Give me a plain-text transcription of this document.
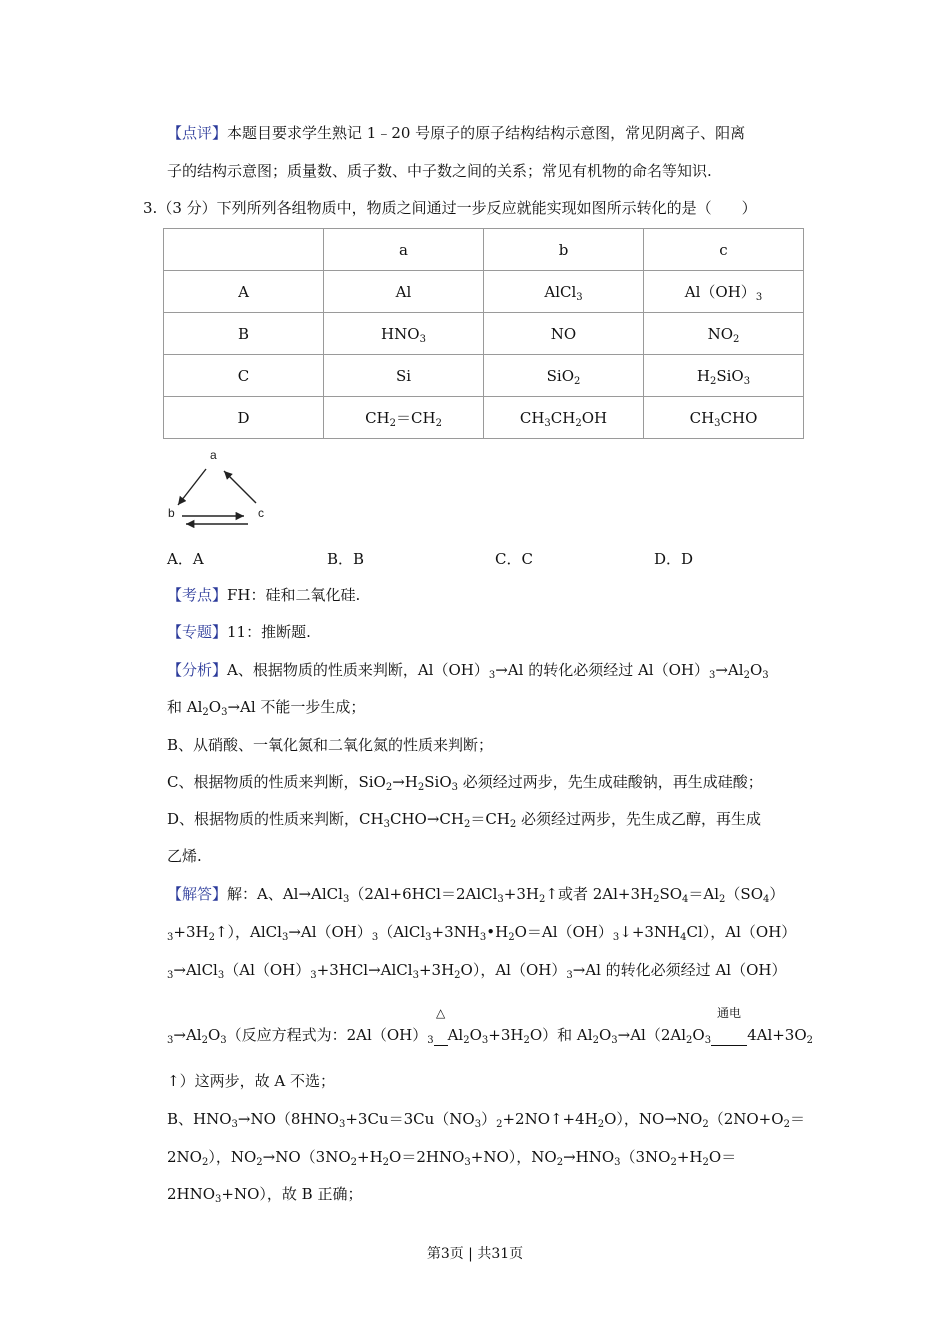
【点评】本题目要求学生熟记 1﹣20 号原子的原子结构结构示意图，常见阴离子、阳离
子的结构示意图；质量数、质子数、中子数之间的关系；常见有机物的命名等知识.
3.（3 分）下列所列各组物质中，物质之间通过一步反应就能实现如图所示转化的是（　　）
	a	b	c
A	Al	AlCl$_3$	$Al(OH)_3$
B	$HNO_3$	NO	$NO_2$
C	Si	SiO$_2$	$H_2SiO_3$
D	$CH_2=CH_2$	$CH_3CH_2OH$	$CH_3CHO$
a
b	c
A．A	B．B	C．C	D．D
【考点】FH：硅和二氧化硅.
【专题】11：推断题.
【分析】A、根据物质的性质来判断，$Al(OH)_3\to Al$ 的转化必须经过 $Al(OH)_3\to Al_2O_3$
和 $Al_2O_3\to Al$ 不能一步生成；
B、从硝酸、一氧化氮和二氧化氮的性质来判断；
C、根据物质的性质来判断，$SiO_2\to H_2SiO_3$ 必须经过两步，先生成硅酸钠，再生成硅酸；
D、根据物质的性质来判断，$CH_3CHO\to CH_2=CH_2$ 必须经过两步，先生成乙醇，再生成
乙烯.
【解答】解：A、$Al\to AlCl_3(2Al+6HCl=2AlCl_3+3H_2↑$或者 $2Al+3H_2SO_4=Al_2(SO_4)$
$_3+3H_2↑$），$AlCl_3\to Al(OH)_3(AlCl_3+3NH_3•H_2O=Al(OH)_3↓+3NH_4Cl)$，Al（OH）
$_3\to AlCl_3(Al(OH)_3+3HCl\to AlCl_3+3H_2O)$，$Al(OH)_3\to Al$ 的转化必须经过 Al（OH）
$_3\to Al_2O_3$（反应方程式为：$2Al(OH)_3$
△
$Al_2O_3+3H_2O$）和 $Al_2O_3\to Al(2Al_2O_3$
通电
$4Al+3O_2$
↑）这两步，故 A 不选；
B、$HNO_3\to NO(8HNO_3+3Cu=3Cu(NO_3)_2+2NO↑+4H_2O)$，$NO\to NO_2(2NO+O_2=$
$2NO_2$），$NO_2\to NO(3NO_2+H_2O=2HNO_3+NO)$，$NO_2\to HNO_3(3NO_2+H_2O=$
$2HNO_3+NO$），故 B 正确；
第3页 | 共31页
